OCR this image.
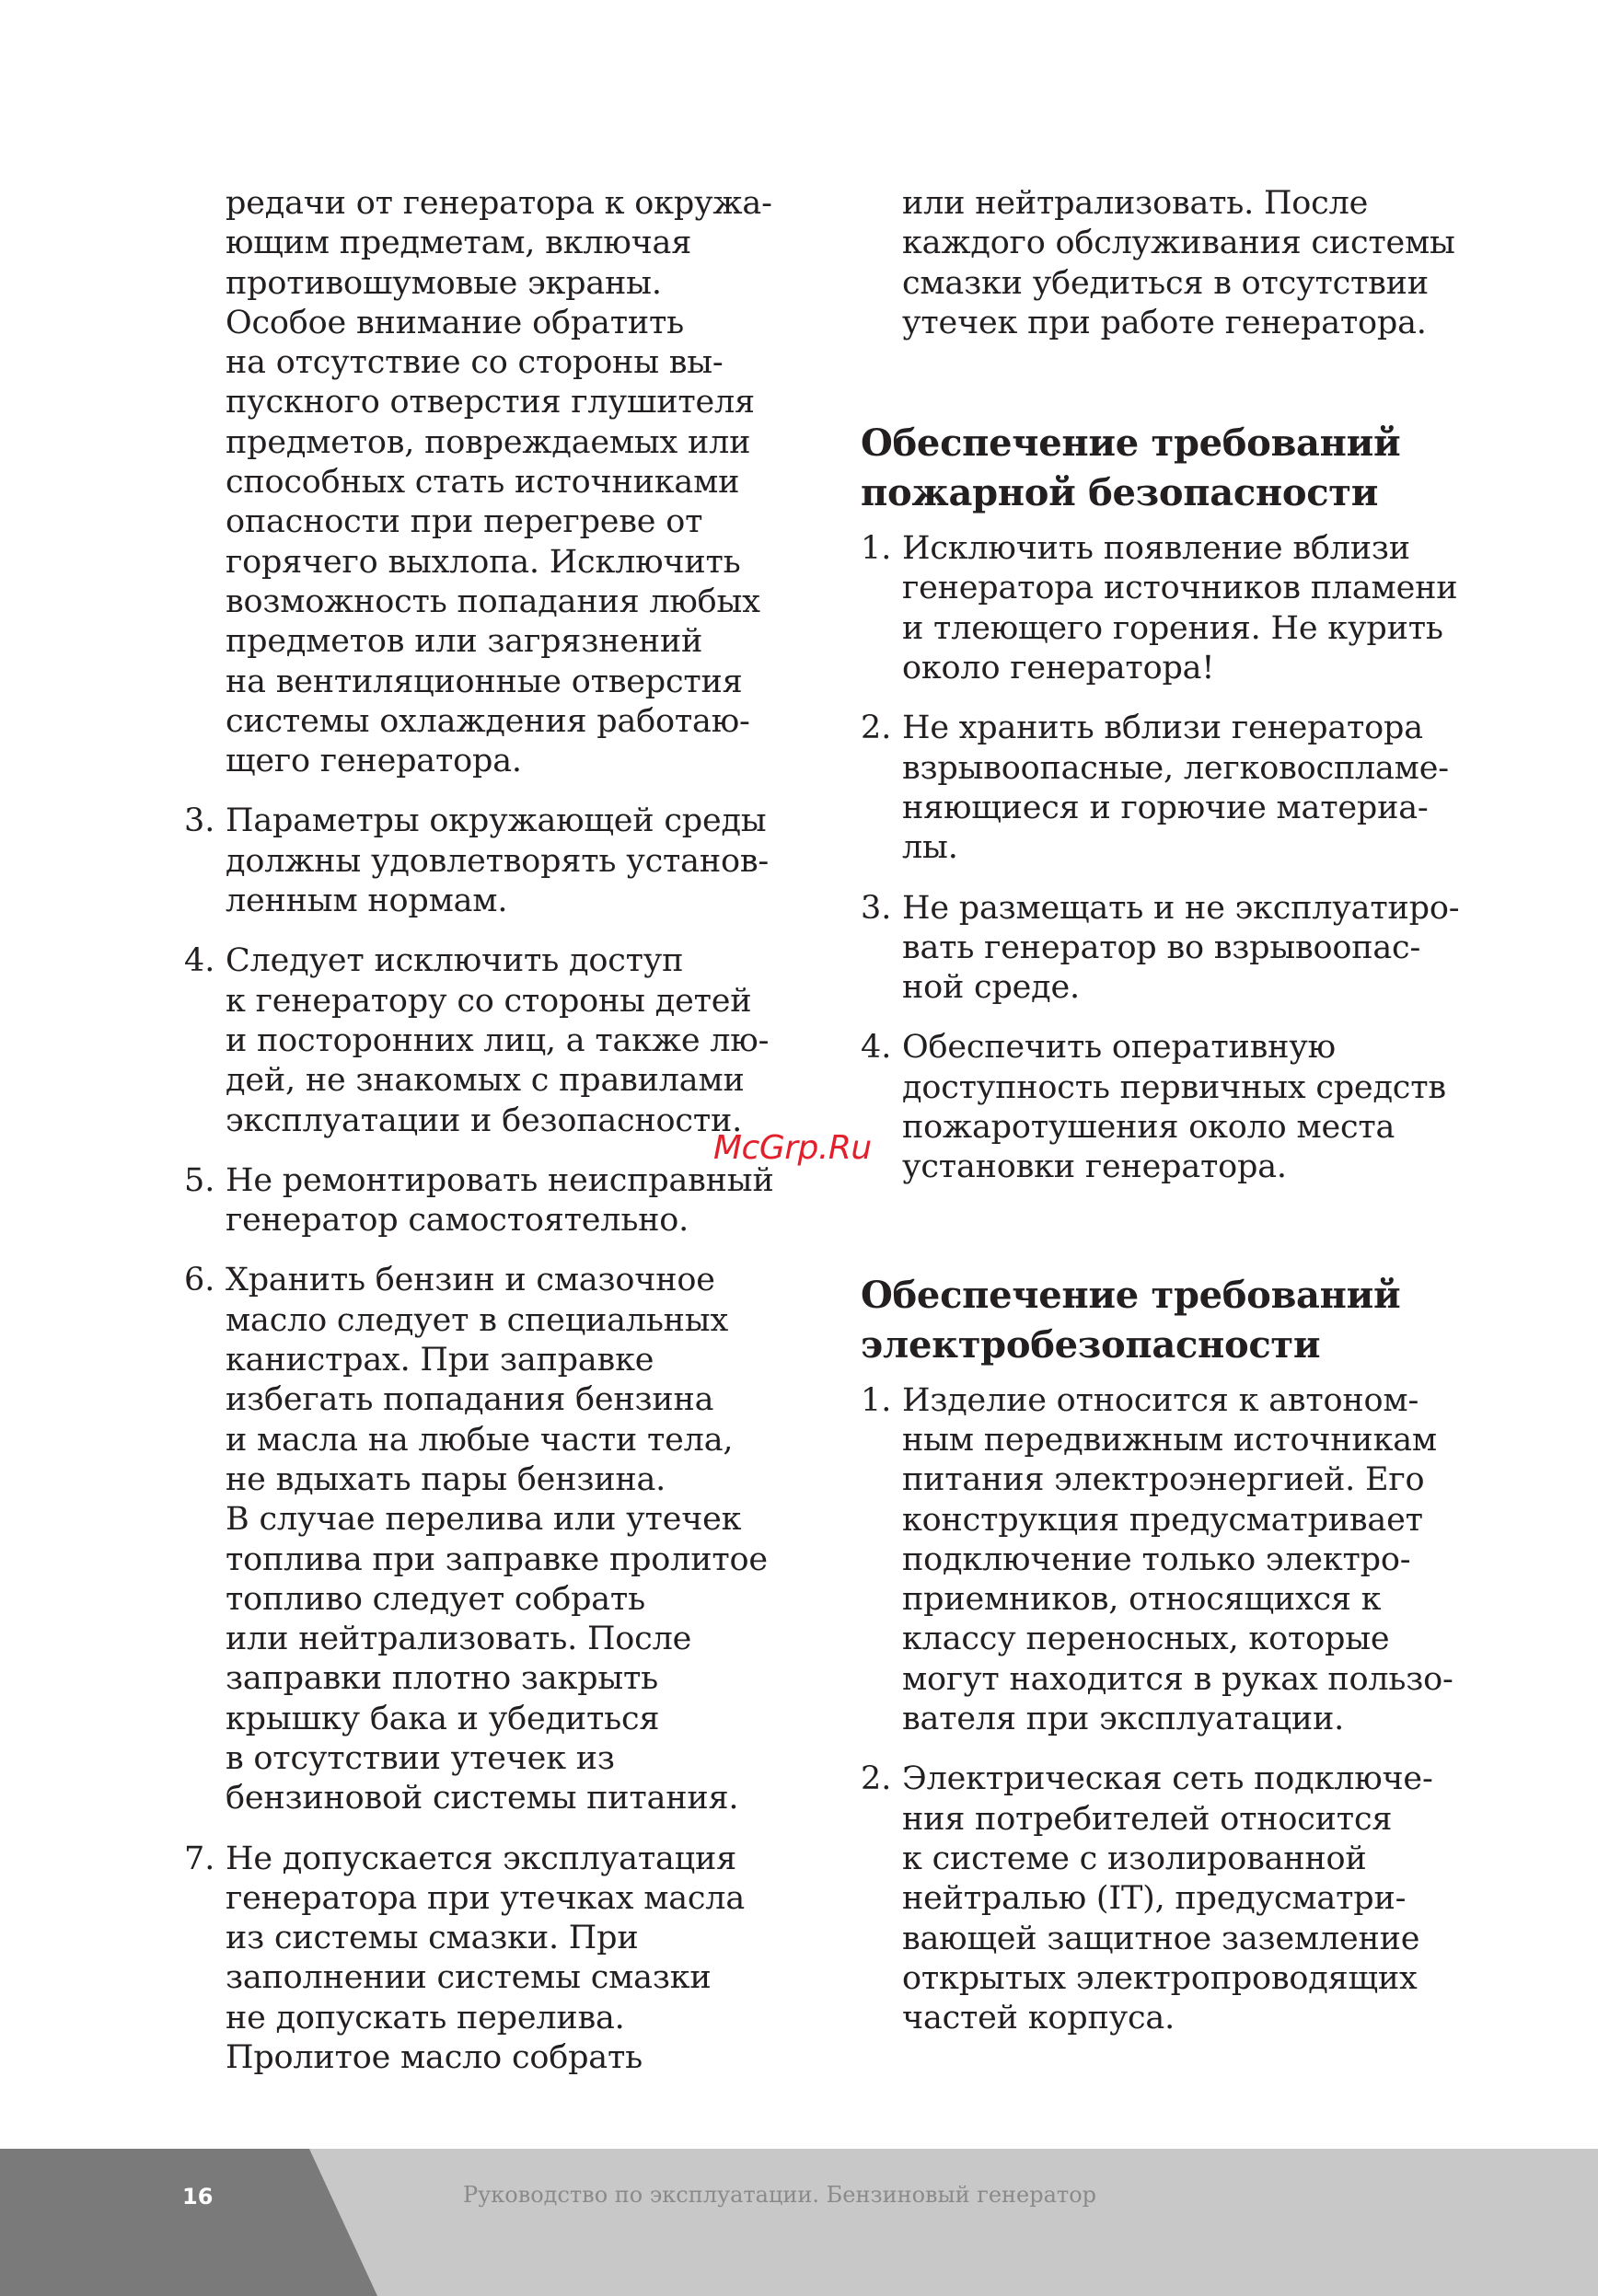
редачи от генератора к окружа-
ющим предметам, включая
противошумовые экраны.
Особое внимание обратить
на отсутствие со стороны вы-
пускного отверстия глушителя
предметов, повреждаемых или
способных стать источниками
опасности при перегреве от
горячего выхлопа. Исключить
возможность попадания любых
предметов или загрязнений
на вентиляционные отверстия
системы охлаждения работаю-
щего генератора.

3. Параметры окружающей среды
должны удовлетворять установ-
ленным нормам.

4. Следует исключить доступ
к генератору со стороны детей
и посторонних лиц, а также лю-
дей, не знакомых с правилами
эксплуатации и безопасности.

5. Не ремонтировать неисправный
генератор самостоятельно.

6. Хранить бензин и смазочное
масло следует в специальных
канистрах. При заправке
избегать попадания бензина
и масла на любые части тела,
не вдыхать пары бензина.
В случае перелива или утечек
топлива при заправке пролитое
топливо следует собрать
или нейтрализовать. После
заправки плотно закрыть
крышку бака и убедиться
в отсутствии утечек из
бензиновой системы питания.

7. Не допускается эксплуатация
генератора при утечках масла
из системы смазки. При
заполнении системы смазки
не допускать перелива.
Пролитое масло собрать

или нейтрализовать. После
каждого обслуживания системы
смазки убедиться в отсутствии
утечек при работе генератора.

Обеспечение требований
пожарной безопасности
1. Исключить появление вблизи
генератора источников пламени
и тлеющего горения. Не курить
около генератора!

2. Не хранить вблизи генератора
взрывоопасные, легковоспламе-
няющиеся и горючие материа-
лы.

3. Не размещать и не эксплуатиро-
вать генератор во взрывоопас-
ной среде.

4. Обеспечить оперативную
доступность первичных средств
пожаротушения около места
установки генератора.

Обеспечение требований
электробезопасности
1. Изделие относится к автоном-
ным передвижным источникам
питания электроэнергией. Его
конструкция предусматривает
подключение только электро-
приемников, относящихся к
классу переносных, которые
могут находится в руках пользо-
вателя при эксплуатации.

2. Электрическая сеть подключе-
ния потребителей относится
к системе с изолированной
нейтралью (IT), предусматри-
вающей защитное заземление
открытых электропроводящих
частей корпуса.

McGrp.Ru
16	Руководство по эксплуатации. Бензиновый генератор
